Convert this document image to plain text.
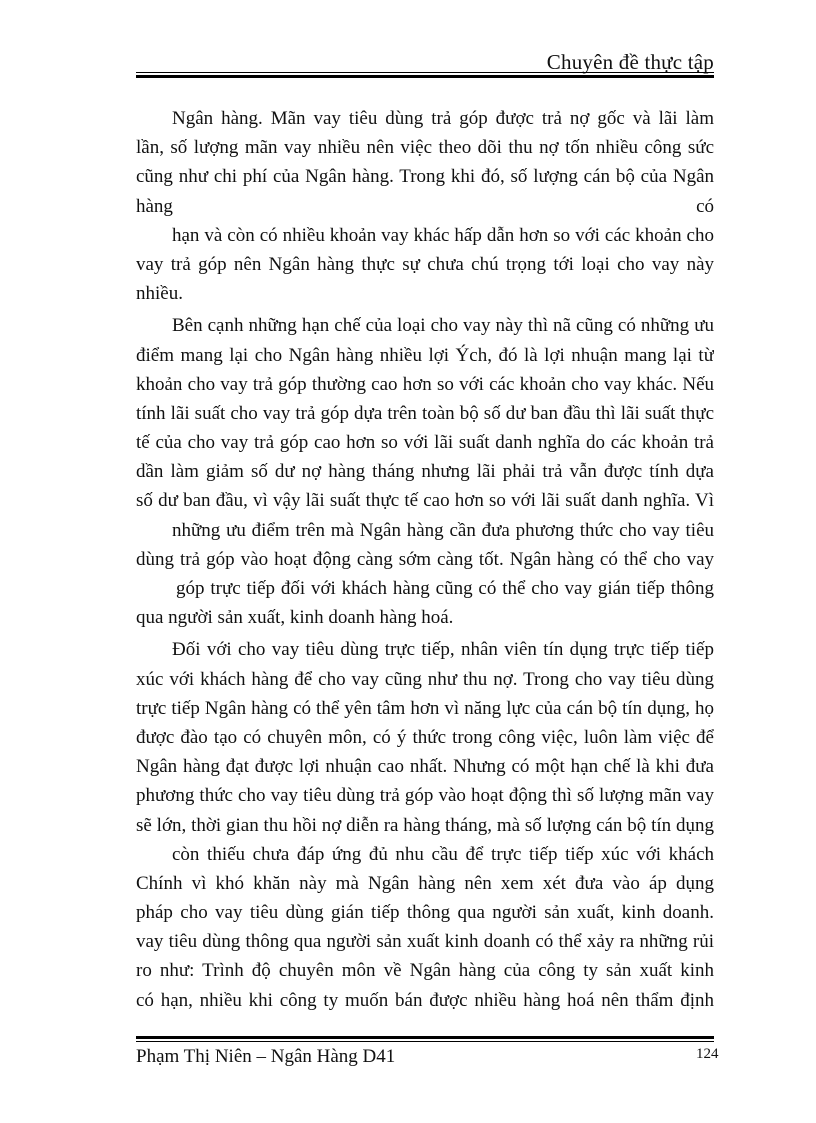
Chuyên đề thực tập
Ngân hàng. Mãn vay tiêu dùng trả góp được trả nợ gốc và lãi làm
lần, số lượng mãn vay nhiều nên việc theo dõi thu nợ tốn nhiều công sức
cũng như chi phí của Ngân hàng. Trong khi đó, số lượng cán bộ của Ngân
hàng	có
hạn và còn có nhiều khoản vay khác hấp dẫn hơn so với các khoản cho
vay trả góp nên Ngân hàng thực sự chưa chú trọng tới loại cho vay này
nhiều.
Bên cạnh những hạn chế của loại cho vay này thì nã cũng có những ưu
điểm mang lại cho Ngân hàng nhiều lợi Ých, đó là lợi nhuận mang lại từ
khoản cho vay trả góp thường cao hơn so với các khoản cho vay khác. Nếu
tính lãi suất cho vay trả góp dựa trên toàn bộ số dư ban đầu thì lãi suất thực
tế của cho vay trả góp cao hơn so với lãi suất danh nghĩa do các khoản trả
dần làm giảm số dư nợ hàng tháng nhưng lãi phải trả vẫn được tính dựa
số dư ban đầu, vì vậy lãi suất thực tế cao hơn so với lãi suất danh nghĩa. Vì
những ưu điểm trên mà Ngân hàng cần đưa phương thức cho vay tiêu
dùng trả góp vào hoạt động càng sớm càng tốt. Ngân hàng có thể cho vay
góp trực tiếp đối với khách hàng cũng có thể cho vay gián tiếp thông
qua người sản xuất, kinh doanh hàng hoá.
Đối với cho vay tiêu dùng trực tiếp, nhân viên tín dụng trực tiếp tiếp
xúc với khách hàng để cho vay cũng như thu nợ. Trong cho vay tiêu dùng
trực tiếp Ngân hàng có thể yên tâm hơn vì năng lực của cán bộ tín dụng, họ
được đào tạo có chuyên môn, có ý thức trong công việc, luôn làm việc để
Ngân hàng đạt được lợi nhuận cao nhất. Nhưng có một hạn chế là khi đưa
phương thức cho vay tiêu dùng trả góp vào hoạt động thì số lượng mãn vay
sẽ lớn, thời gian thu hồi nợ diễn ra hàng tháng, mà số lượng cán bộ tín dụng
còn thiếu chưa đáp ứng đủ nhu cầu để trực tiếp tiếp xúc với khách
Chính vì khó khăn này mà Ngân hàng nên xem xét đưa vào áp dụng
pháp cho vay tiêu dùng gián tiếp thông qua người sản xuất, kinh doanh.
vay tiêu dùng thông qua người sản xuất kinh doanh có thể xảy ra những rủi
ro như: Trình độ chuyên môn về Ngân hàng của công ty sản xuất kinh
có hạn, nhiều khi công ty muốn bán được nhiều hàng hoá nên thẩm định
Phạm Thị Niên – Ngân Hàng D41	124
